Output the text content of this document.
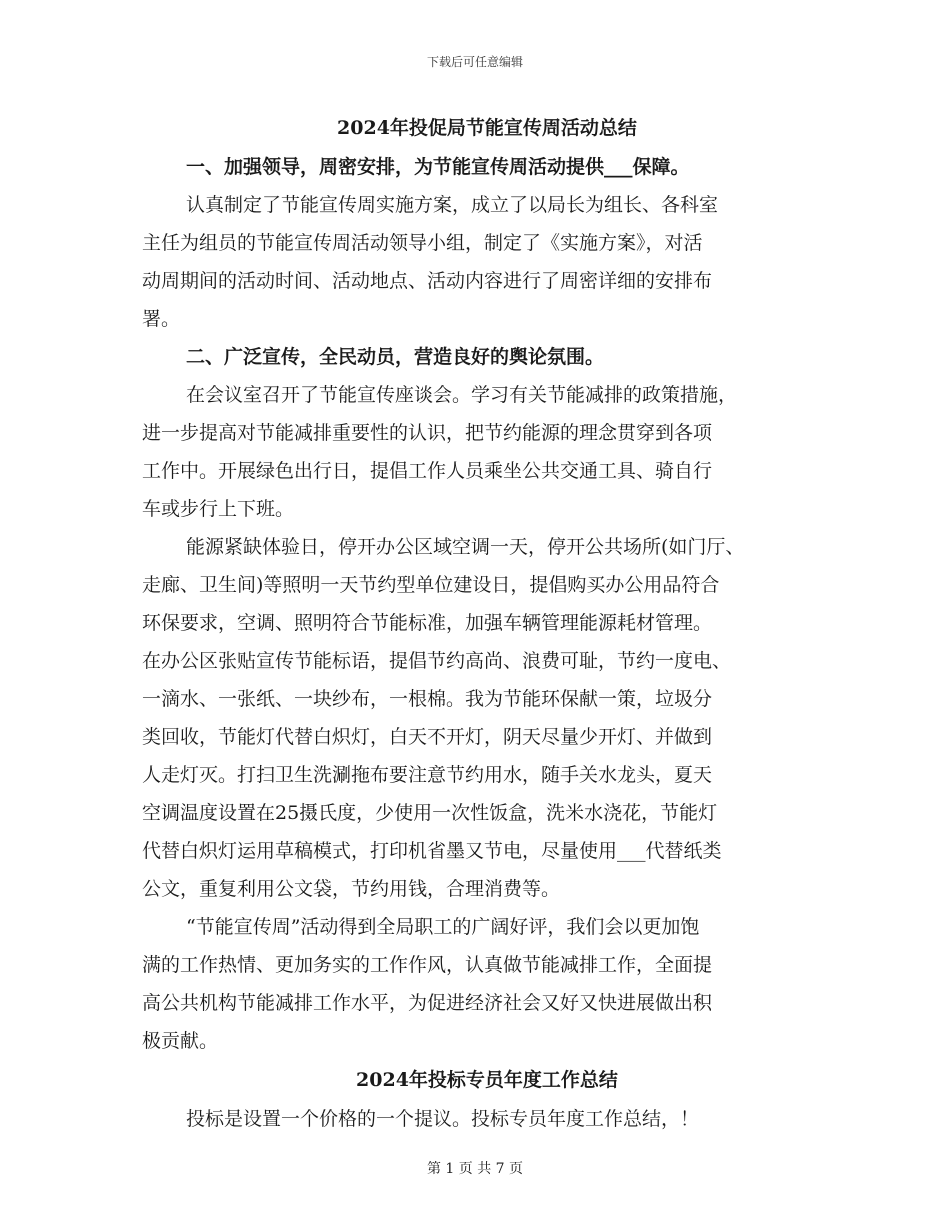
下载后可任意编辑
2024年投促局节能宣传周活动总结

一、加强领导，周密安排，为节能宣传周活动提供___保障。

认真制定了节能宣传周实施方案，成立了以局长为组长、各科室
主任为组员的节能宣传周活动领导小组，制定了《实施方案》，对活
动周期间的活动时间、活动地点、活动内容进行了周密详细的安排布
署。

二、广泛宣传，全民动员，营造良好的舆论氛围。

在会议室召开了节能宣传座谈会。学习有关节能减排的政策措施，
进一步提高对节能减排重要性的认识，把节约能源的理念贯穿到各项
工作中。开展绿色出行日，提倡工作人员乘坐公共交通工具、骑自行
车或步行上下班。

能源紧缺体验日，停开办公区域空调一天，停开公共场所(如门厅、
走廊、卫生间)等照明一天节约型单位建设日，提倡购买办公用品符合
环保要求，空调、照明符合节能标准，加强车辆管理能源耗材管理。
在办公区张贴宣传节能标语，提倡节约高尚、浪费可耻，节约一度电、
一滴水、一张纸、一块纱布，一根棉。我为节能环保献一策，垃圾分
类回收，节能灯代替白炽灯，白天不开灯，阴天尽量少开灯、并做到
人走灯灭。打扫卫生洗涮拖布要注意节约用水，随手关水龙头，夏天
空调温度设置在25摄氏度，少使用一次性饭盒，洗米水浇花，节能灯
代替白炽灯运用草稿模式，打印机省墨又节电，尽量使用___代替纸类
公文，重复利用公文袋，节约用钱，合理消费等。

“节能宣传周”活动得到全局职工的广阔好评，我们会以更加饱
满的工作热情、更加务实的工作作风，认真做节能减排工作，全面提
高公共机构节能减排工作水平，为促进经济社会又好又快进展做出积
极贡献。

2024年投标专员年度工作总结

投标是设置一个价格的一个提议。投标专员年度工作总结，！

第 1 页 共 7 页
